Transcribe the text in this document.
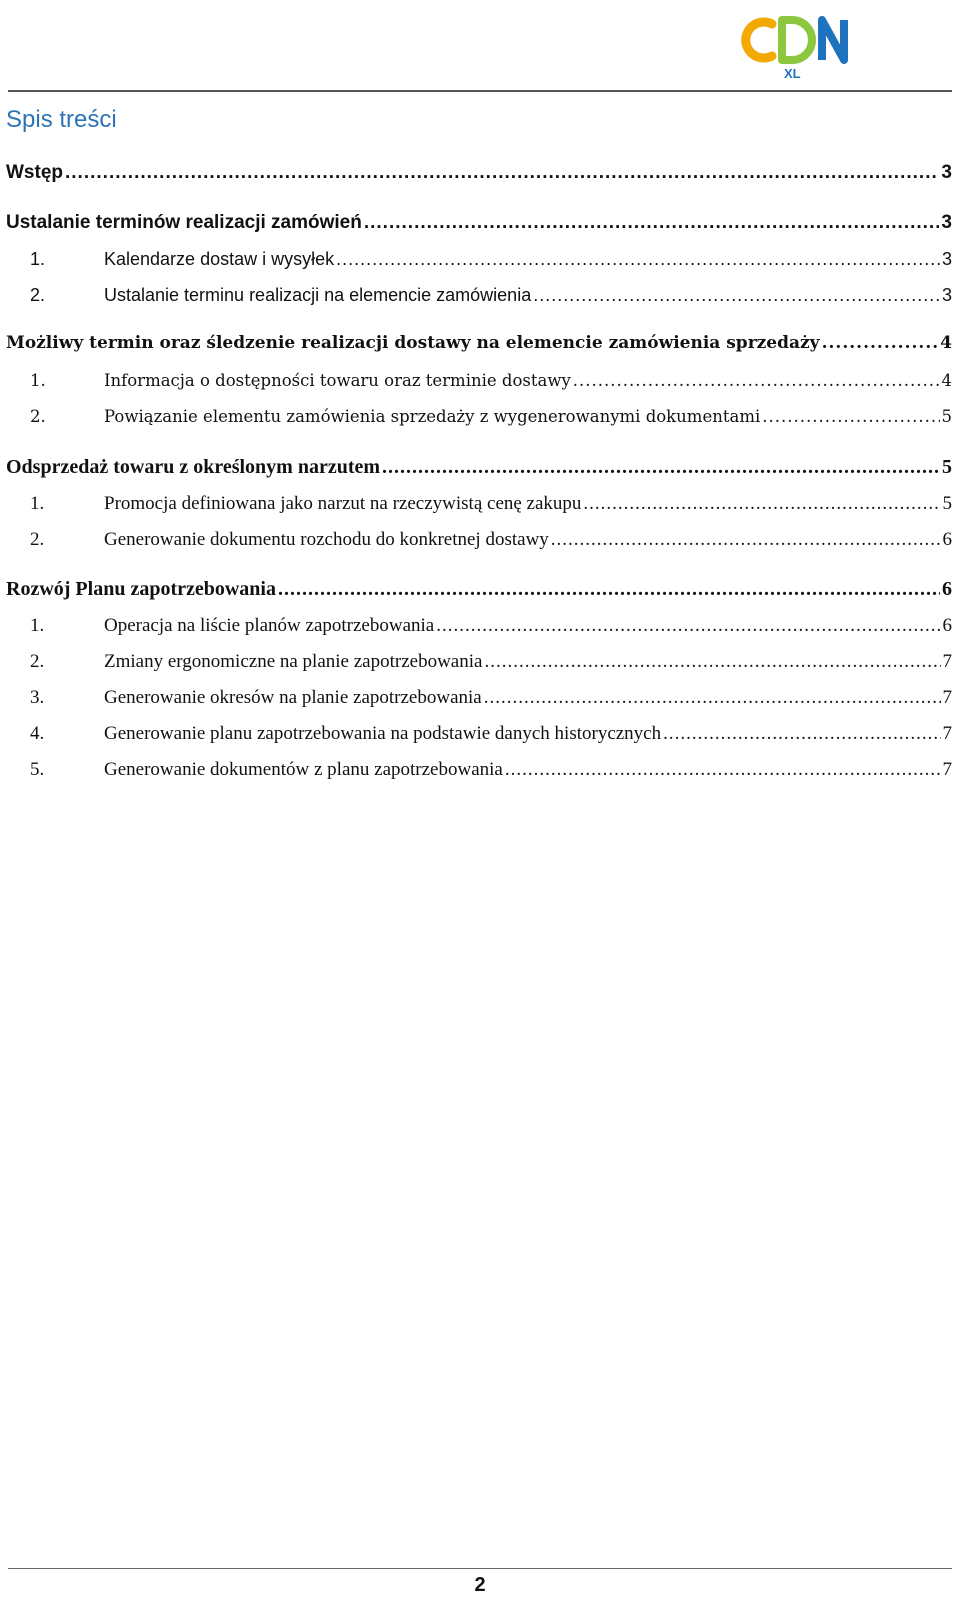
XL
Spis treści
Wstęp .....	3
Ustalanie terminów realizacji zamówień .....	3
1.	Kalendarze dostaw i wysyłek .....	3
2.	Ustalanie terminu realizacji na elemencie zamówienia .....	3
Możliwy termin oraz śledzenie realizacji dostawy na elemencie zamówienia sprzedaży .....	4
1.	Informacja o dostępności towaru oraz terminie dostawy .....	4
2.	Powiązanie elementu zamówienia sprzedaży z wygenerowanymi dokumentami .....	5
Odsprzedaż towaru z określonym narzutem .....	5
1.	Promocja definiowana jako narzut na rzeczywistą cenę zakupu .....	5
2.	Generowanie dokumentu rozchodu do konkretnej dostawy .....	6
Rozwój Planu zapotrzebowania .....	6
1.	Operacja na liście planów zapotrzebowania .....	6
2.	Zmiany ergonomiczne na planie zapotrzebowania .....	7
3.	Generowanie okresów na planie zapotrzebowania .....	7
4.	Generowanie planu zapotrzebowania na podstawie danych historycznych .....	7
5.	Generowanie dokumentów z planu zapotrzebowania .....	7
2
